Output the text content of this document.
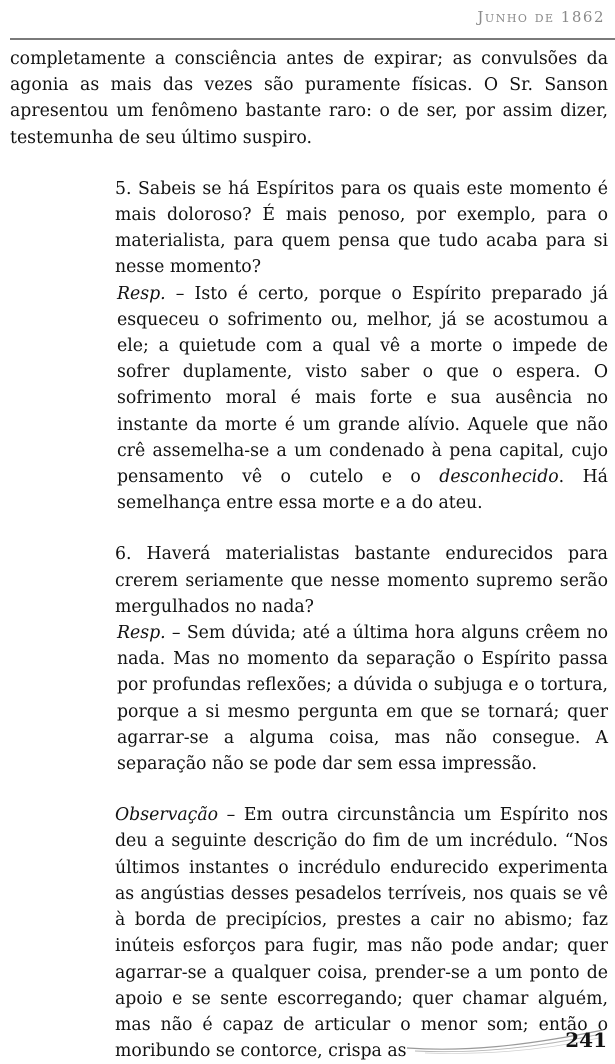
Junho de 1862

completamente a consciência antes de expirar; as convulsões da agonia as mais das vezes são puramente físicas. O Sr. Sanson apresentou um fenômeno bastante raro: o de ser, por assim dizer, testemunha de seu último suspiro.

5. Sabeis se há Espíritos para os quais este momento é mais doloroso? É mais penoso, por exemplo, para o materialista, para quem pensa que tudo acaba para si nesse momento?

Resp. – Isto é certo, porque o Espírito preparado já esqueceu o sofrimento ou, melhor, já se acostumou a ele; a quietude com a qual vê a morte o impede de sofrer duplamente, visto saber o que o espera. O sofrimento moral é mais forte e sua ausência no instante da morte é um grande alívio. Aquele que não crê assemelha-se a um condenado à pena capital, cujo pensamento vê o cutelo e o desconhecido. Há semelhança entre essa morte e a do ateu.

6. Haverá materialistas bastante endurecidos para crerem seriamente que nesse momento supremo serão mergulhados no nada?

Resp. – Sem dúvida; até a última hora alguns crêem no nada. Mas no momento da separação o Espírito passa por profundas reflexões; a dúvida o subjuga e o tortura, porque a si mesmo pergunta em que se tornará; quer agarrar-se a alguma coisa, mas não consegue. A separação não se pode dar sem essa impressão.

Observação – Em outra circunstância um Espírito nos deu a seguinte descrição do fim de um incrédulo. “Nos últimos instantes o incrédulo endurecido experimenta as angústias desses pesadelos terríveis, nos quais se vê à borda de precipícios, prestes a cair no abismo; faz inúteis esforços para fugir, mas não pode andar; quer agarrar-se a qualquer coisa, prender-se a um ponto de apoio e se sente escorregando; quer chamar alguém, mas não é capaz de articular o menor som; então o moribundo se contorce, crispa as	241
